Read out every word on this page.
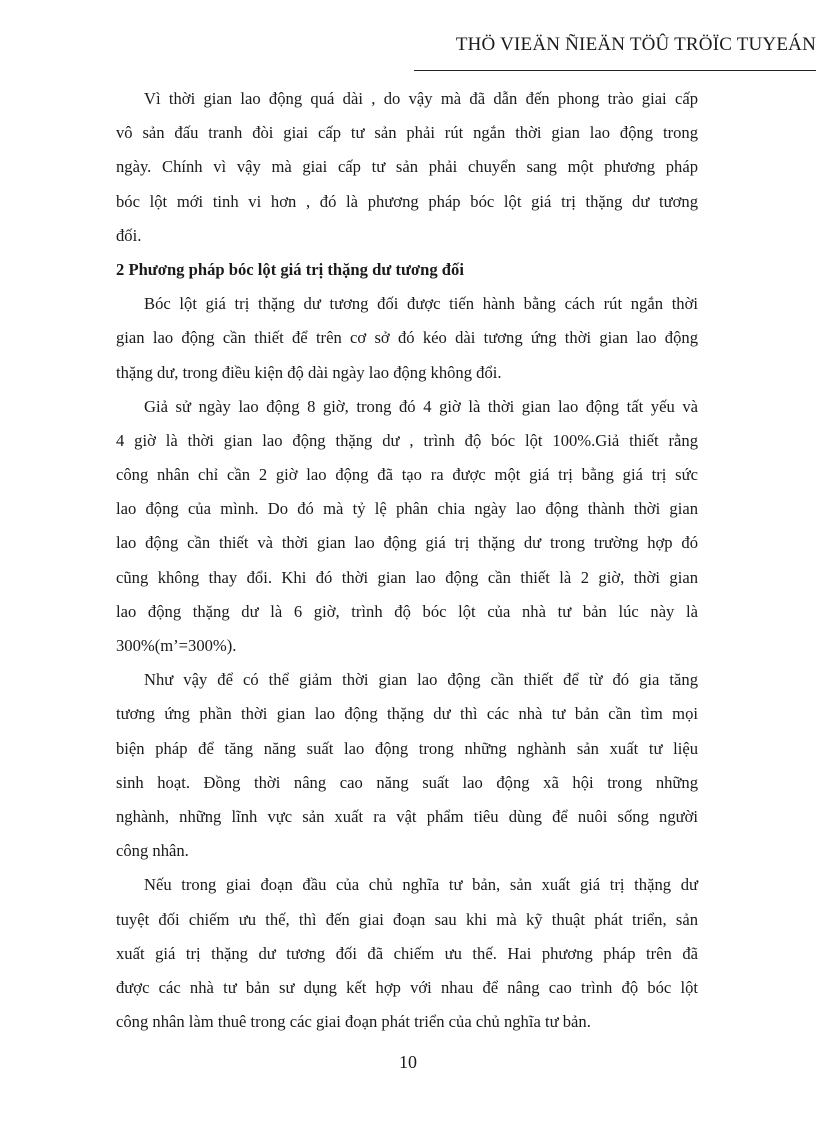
THÖ VIEÄN ÑIEÄN TÖÛ TRÖÏC TUYEÁN
Vì thời gian lao động quá dài , do vậy mà đã dẫn đến phong trào giai cấp
vô sản đấu tranh đòi giai cấp tư sản phải rút ngắn thời gian lao động trong
ngày. Chính vì vậy mà giai cấp tư sản phải chuyển sang một phương pháp
bóc lột mới tinh vi hơn , đó là phương pháp bóc lột giá trị thặng dư tương
đối.
2 Phương pháp bóc lột giá trị thặng dư tương đối
Bóc lột giá trị thặng dư tương đối được tiến hành bằng cách rút ngắn thời
gian lao động cần thiết để trên cơ sở đó kéo dài tương ứng thời gian lao động
thặng dư, trong điều kiện độ dài ngày lao động không đổi.
Giả sử ngày lao động 8 giờ, trong đó 4 giờ là thời gian lao động tất yếu và
4 giờ là thời gian lao động thặng dư , trình độ bóc lột 100%.Giả thiết rằng
công nhân chỉ cần 2 giờ lao động đã tạo ra được một giá trị bằng giá trị sức
lao động của mình. Do đó mà tỷ lệ phân chia ngày lao động thành thời gian
lao động cần thiết và thời gian lao động giá trị thặng dư trong trường hợp đó
cũng không thay đổi. Khi đó thời gian lao động cần thiết là 2 giờ, thời gian
lao động thặng dư là 6 giờ, trình độ bóc lột của nhà tư bản lúc này là
300%(m’=300%).
Như vậy để có thể giảm thời gian lao động cần thiết để từ đó gia tăng
tương ứng phần thời gian lao động thặng dư thì các nhà tư bản cần tìm mọi
biện pháp để tăng năng suất lao động trong những nghành sản xuất tư liệu
sinh hoạt. Đồng thời nâng cao năng suất lao động xã hội trong những
nghành, những lĩnh vực sản xuất ra vật phẩm tiêu dùng để nuôi sống người
công nhân.
Nếu trong giai đoạn đầu của chủ nghĩa tư bản, sản xuất giá trị thặng dư
tuyệt đối chiếm ưu thế, thì đến giai đoạn sau khi mà kỹ thuật phát triển, sản
xuất giá trị thặng dư tương đối đã chiếm ưu thế. Hai phương pháp trên đã
được các nhà tư bản sư dụng kết hợp với nhau để nâng cao trình độ bóc lột
công nhân làm thuê trong các giai đoạn phát triển của chủ nghĩa tư bản.
10
